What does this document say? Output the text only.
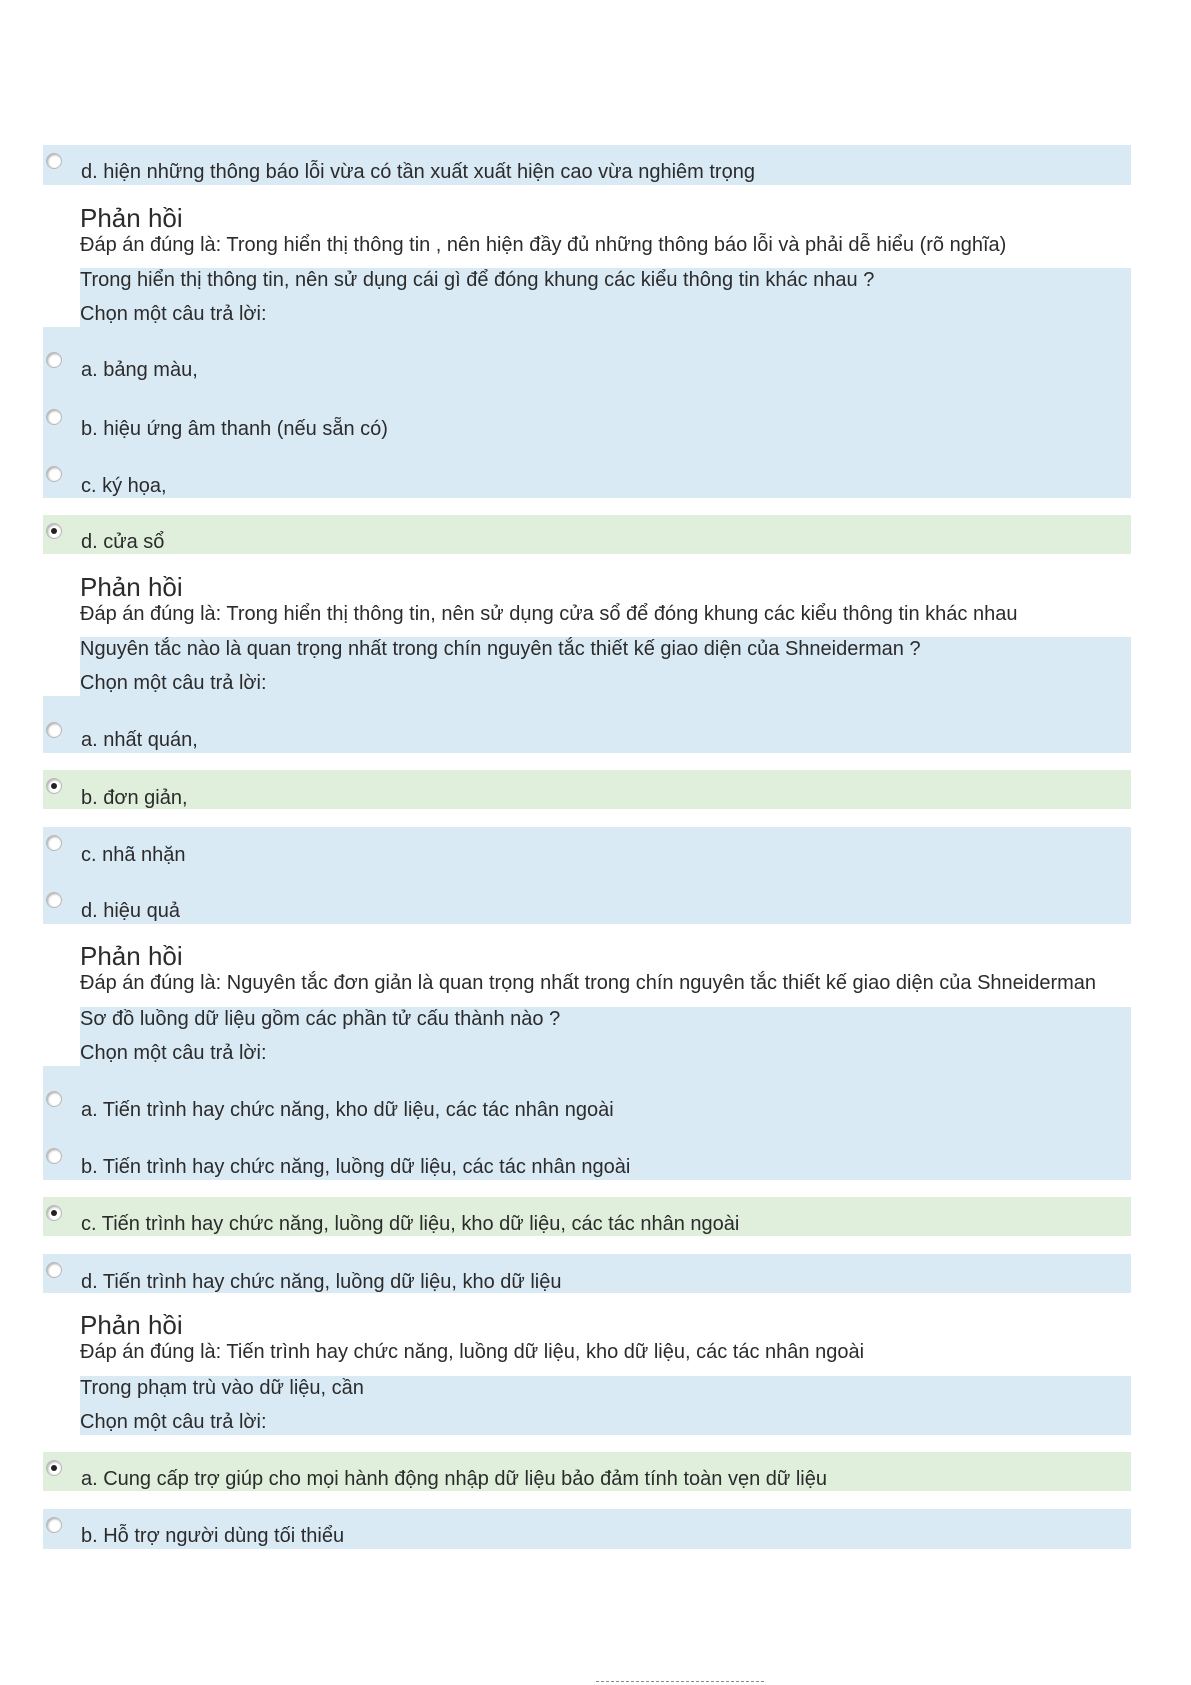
d. hiện những thông báo lỗi vừa có tần xuất xuất hiện cao vừa nghiêm trọng
Phản hồi
Đáp án đúng là: Trong hiển thị thông tin , nên hiện đầy đủ những thông báo lỗi và phải dễ hiểu (rõ nghĩa)
Trong hiển thị thông tin, nên sử dụng cái gì để đóng khung các kiểu thông tin khác nhau ?
Chọn một câu trả lời:
a. bảng màu,
b. hiệu ứng âm thanh (nếu sẵn có)
c. ký họa,
d. cửa sổ
Phản hồi
Đáp án đúng là: Trong hiển thị thông tin, nên sử dụng cửa sổ để đóng khung các kiểu thông tin khác nhau
Nguyên tắc nào là quan trọng nhất trong chín nguyên tắc thiết kế giao diện của Shneiderman ?
Chọn một câu trả lời:
a. nhất quán,
b. đơn giản,
c. nhã nhặn
d. hiệu quả
Phản hồi
Đáp án đúng là: Nguyên tắc đơn giản là quan trọng nhất trong chín nguyên tắc thiết kế giao diện của Shneiderman
Sơ đồ luồng dữ liệu gồm các phần tử cấu thành nào ?
Chọn một câu trả lời:
a. Tiến trình hay chức năng, kho dữ liệu, các tác nhân ngoài
b. Tiến trình hay chức năng, luồng dữ liệu, các tác nhân ngoài
c. Tiến trình hay chức năng, luồng dữ liệu, kho dữ liệu, các tác nhân ngoài
d. Tiến trình hay chức năng, luồng dữ liệu, kho dữ liệu
Phản hồi
Đáp án đúng là: Tiến trình hay chức năng, luồng dữ liệu, kho dữ liệu, các tác nhân ngoài
Trong phạm trù vào dữ liệu, cần
Chọn một câu trả lời:
a. Cung cấp trợ giúp cho mọi hành động nhập dữ liệu bảo đảm tính toàn vẹn dữ liệu
b. Hỗ trợ người dùng tối thiểu
